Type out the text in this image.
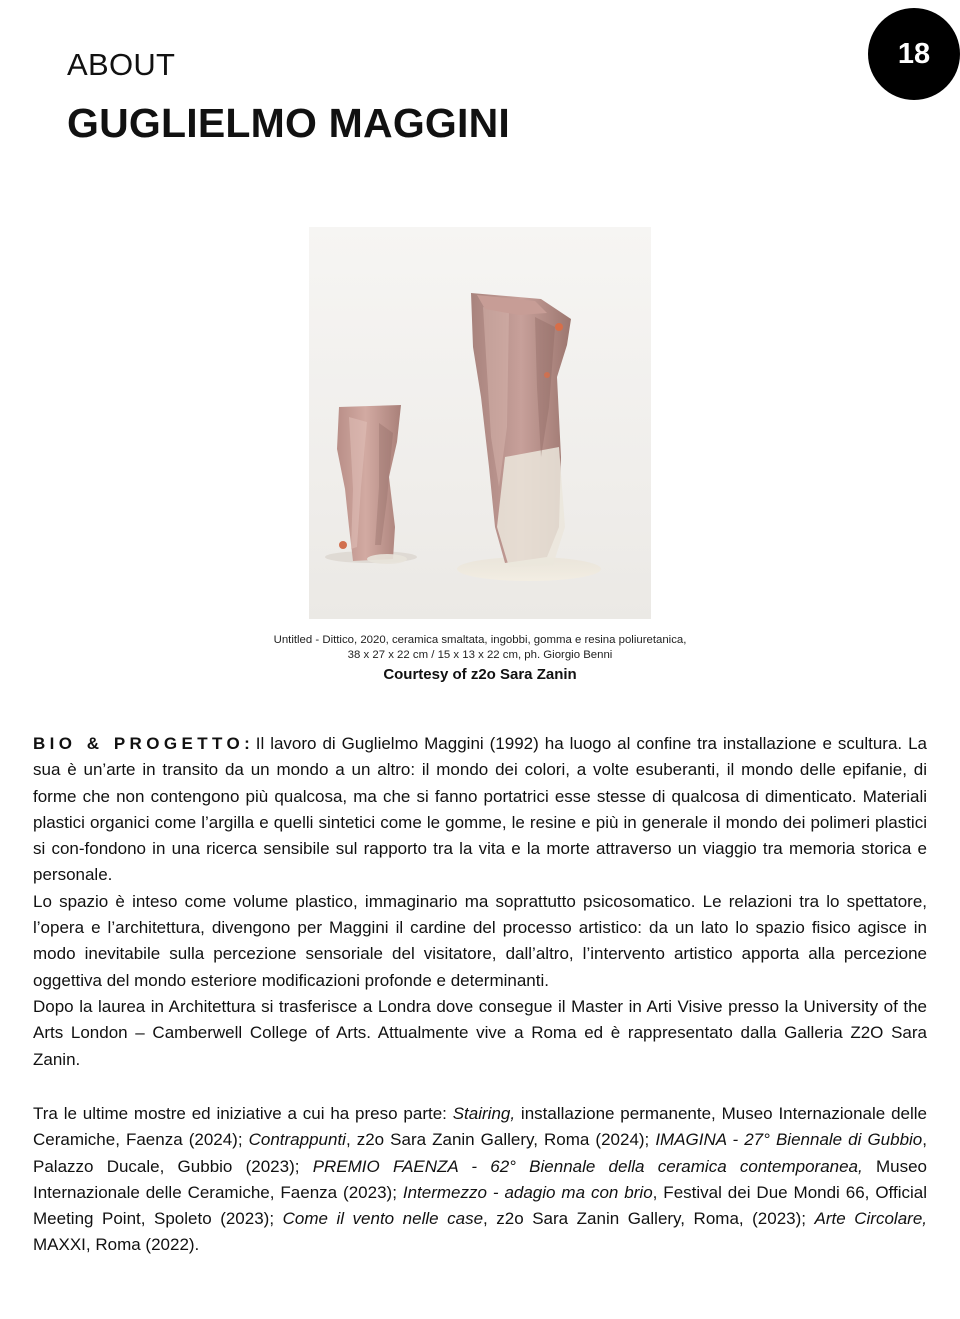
18
ABOUT
GUGLIELMO MAGGINI
Untitled - Dittico, 2020, ceramica smaltata, ingobbi, gomma e resina poliuretanica,
38 x 27 x 22 cm / 15 x 13 x 22 cm, ph. Giorgio Benni
Courtesy of z2o Sara Zanin

BIO & PROGETTO: Il lavoro di Guglielmo Maggini (1992) ha luogo al confine tra installazione e scultura. La sua è un’arte in transito da un mondo a un altro: il mondo dei colori, a volte esuberanti, il mondo delle epifanie, di forme che non contengono più qualcosa, ma che si fanno portatrici esse stesse di qualcosa di dimenticato. Materiali plastici organici come l’argilla e quelli sintetici come le gomme, le resine e più in generale il mondo dei polimeri plastici si con-fondono in una ricerca sensibile sul rapporto tra la vita e la morte attraverso un viaggio tra memoria storica e personale.

Lo spazio è inteso come volume plastico, immaginario ma soprattutto psicosomatico. Le relazioni tra lo spettatore, l’opera e l’architettura, divengono per Maggini il cardine del processo artistico: da un lato lo spazio fisico agisce in modo inevitabile sulla percezione sensoriale del visitatore, dall’altro, l’intervento artistico apporta alla percezione oggettiva del mondo esteriore modificazioni profonde e determinanti.

Dopo la laurea in Architettura si trasferisce a Londra dove consegue il Master in Arti Visive presso la University of the Arts London – Camberwell College of Arts. Attualmente vive a Roma ed è rappresentato dalla Galleria Z2O Sara Zanin.

Tra le ultime mostre ed iniziative a cui ha preso parte: Stairing, installazione permanente, Museo Internazionale delle Ceramiche, Faenza (2024); Contrappunti, z2o Sara Zanin Gallery, Roma (2024); IMAGINA - 27° Biennale di Gubbio, Palazzo Ducale, Gubbio (2023); PREMIO FAENZA - 62° Biennale della ceramica contemporanea, Museo Internazionale delle Ceramiche, Faenza (2023); Intermezzo - adagio ma con brio, Festival dei Due Mondi 66, Official Meeting Point, Spoleto (2023); Come il vento nelle case, z2o Sara Zanin Gallery, Roma, (2023); Arte Circolare, MAXXI, Roma (2022).
